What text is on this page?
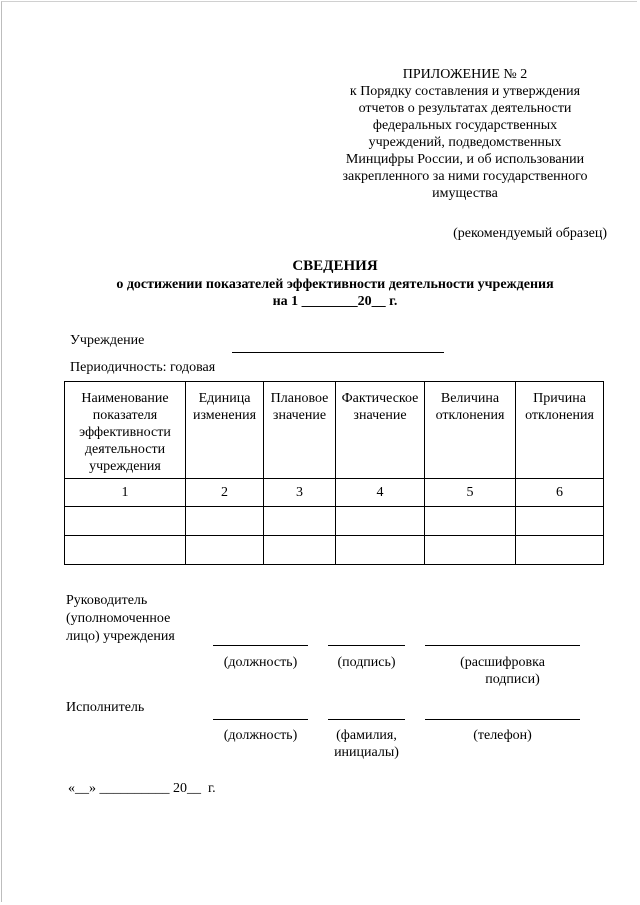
ПРИЛОЖЕНИЕ № 2
к Порядку составления и утверждения
отчетов о результатах деятельности
федеральных государственных
учреждений, подведомственных
Минцифры России, и об использовании
закрепленного за ними государственного
имущества
(рекомендуемый образец)
СВЕДЕНИЯ
о достижении показателей эффективности деятельности учреждения
на 1 ________20__ г.
Учреждение
Периодичность: годовая
Наименование показателя эффективности деятельности учреждения	Единица изменения	Плановое значение	Фактическое значение	Величина отклонения	Причина отклонения
1	2	3	4	5	6

Руководитель
(уполномоченное
лицо) учреждения
(должность)	(подпись)	(расшифровка
подписи)
Исполнитель
(должность)	(фамилия,
инициалы)
(телефон)
«__» __________ 20__  г.
